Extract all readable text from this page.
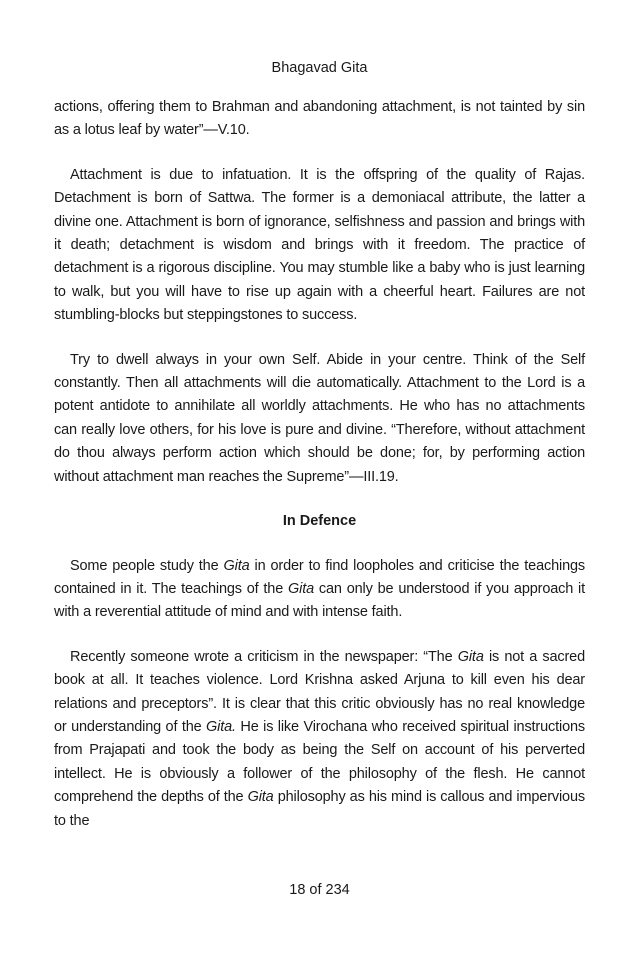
Bhagavad Gita

actions, offering them to Brahman and abandoning attachment, is not tainted by sin as a lotus leaf by water”—V.10.

Attachment is due to infatuation. It is the offspring of the quality of Rajas. Detachment is born of Sattwa. The former is a demoniacal attribute, the latter a divine one. Attachment is born of ignorance, selfishness and passion and brings with it death; detachment is wisdom and brings with it freedom. The practice of detachment is a rigorous discipline. You may stumble like a baby who is just learning to walk, but you will have to rise up again with a cheerful heart. Failures are not stumbling-blocks but steppingstones to success.

Try to dwell always in your own Self. Abide in your centre. Think of the Self constantly. Then all attachments will die automatically. Attachment to the Lord is a potent antidote to annihilate all worldly attachments. He who has no attachments can really love others, for his love is pure and divine. “Therefore, without attachment do thou always perform action which should be done; for, by performing action without attachment man reaches the Supreme”—III.19.

In Defence

Some people study the Gita in order to find loopholes and criticise the teachings contained in it. The teachings of the Gita can only be understood if you approach it with a reverential attitude of mind and with intense faith.

Recently someone wrote a criticism in the newspaper: “The Gita is not a sacred book at all. It teaches violence. Lord Krishna asked Arjuna to kill even his dear relations and preceptors”. It is clear that this critic obviously has no real knowledge or understanding of the Gita. He is like Virochana who received spiritual instructions from Prajapati and took the body as being the Self on account of his perverted intellect. He is obviously a follower of the philosophy of the flesh. He cannot comprehend the depths of the Gita philosophy as his mind is callous and impervious to the

18 of 234
